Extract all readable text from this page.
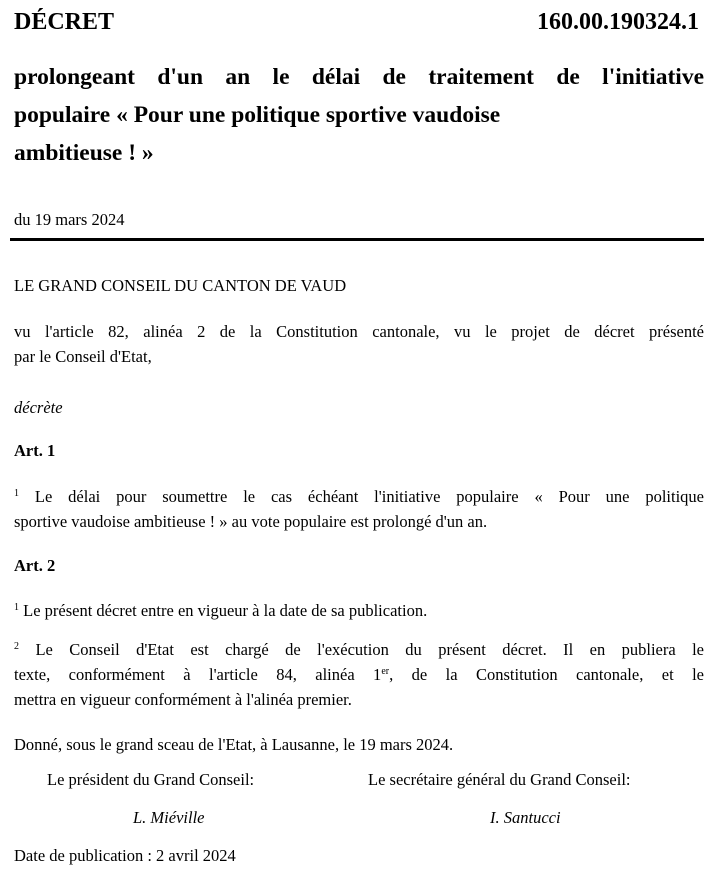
DÉCRET	160.00.190324.1
prolongeant d'un an le délai de traitement de l'initiative
populaire « Pour une politique sportive vaudoise
ambitieuse ! »
du 19 mars 2024
LE GRAND CONSEIL DU CANTON DE VAUD
vu l'article 82, alinéa 2 de la Constitution cantonale, vu le projet de décret présenté
par le Conseil d'Etat,
décrète
Art. 1
$^1$ Le délai pour soumettre le cas échéant l'initiative populaire « Pour une politique
sportive vaudoise ambitieuse ! » au vote populaire est prolongé d'un an.
Art. 2
$^1$ Le présent décret entre en vigueur à la date de sa publication.
$^2$ Le Conseil d'Etat est chargé de l'exécution du présent décret. Il en publiera le
texte, conformément à l'article 84, alinéa 1er, de la Constitution cantonale, et le
mettra en vigueur conformément à l'alinéa premier.
Donné, sous le grand sceau de l'Etat, à Lausanne, le 19 mars 2024.
Le président du Grand Conseil:	Le secrétaire général du Grand Conseil:
L. Miéville	I. Santucci
Date de publication : 2 avril 2024
